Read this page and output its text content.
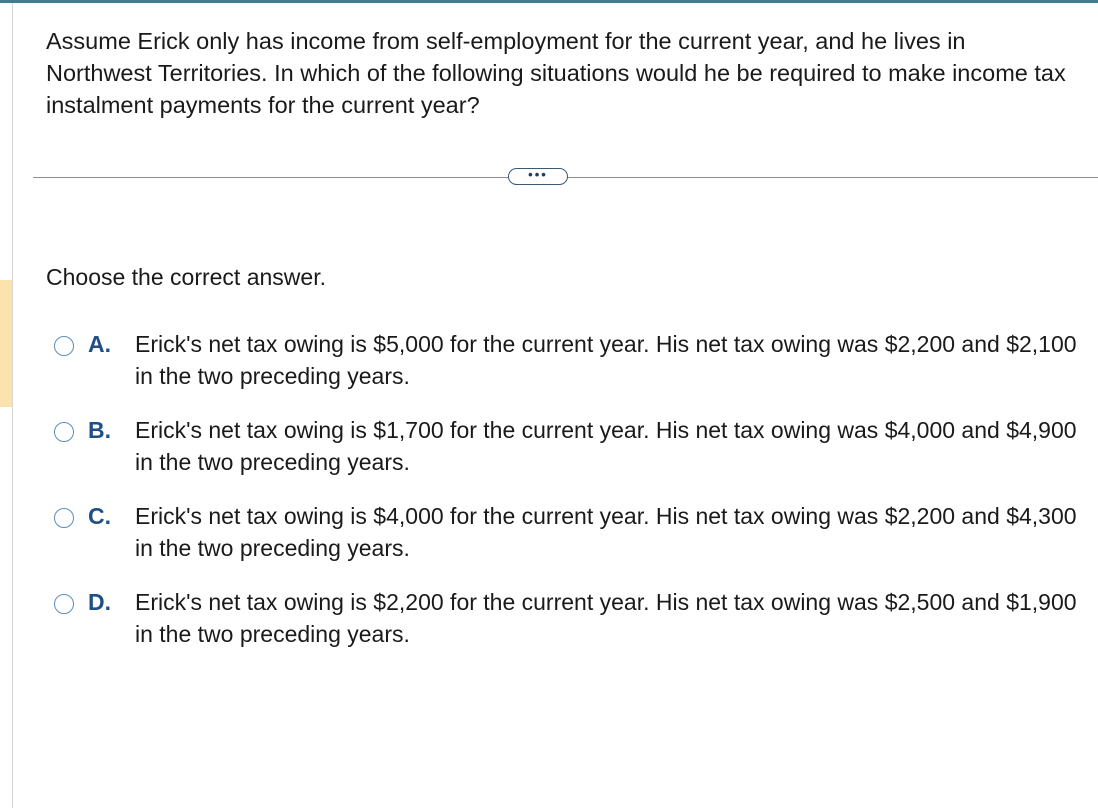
Assume Erick only has income from self-employment for the current year, and he lives in Northwest Territories. In which of the following situations would he be required to make income tax instalment payments for the current year?

•••
Choose the correct answer.
A. Erick's net tax owing is $5,000 for the current year. His net tax owing was $2,200 and $2,100 in the two preceding years.
B. Erick's net tax owing is $1,700 for the current year. His net tax owing was $4,000 and $4,900 in the two preceding years.
C. Erick's net tax owing is $4,000 for the current year. His net tax owing was $2,200 and $4,300 in the two preceding years.
D. Erick's net tax owing is $2,200 for the current year. His net tax owing was $2,500 and $1,900 in the two preceding years.
